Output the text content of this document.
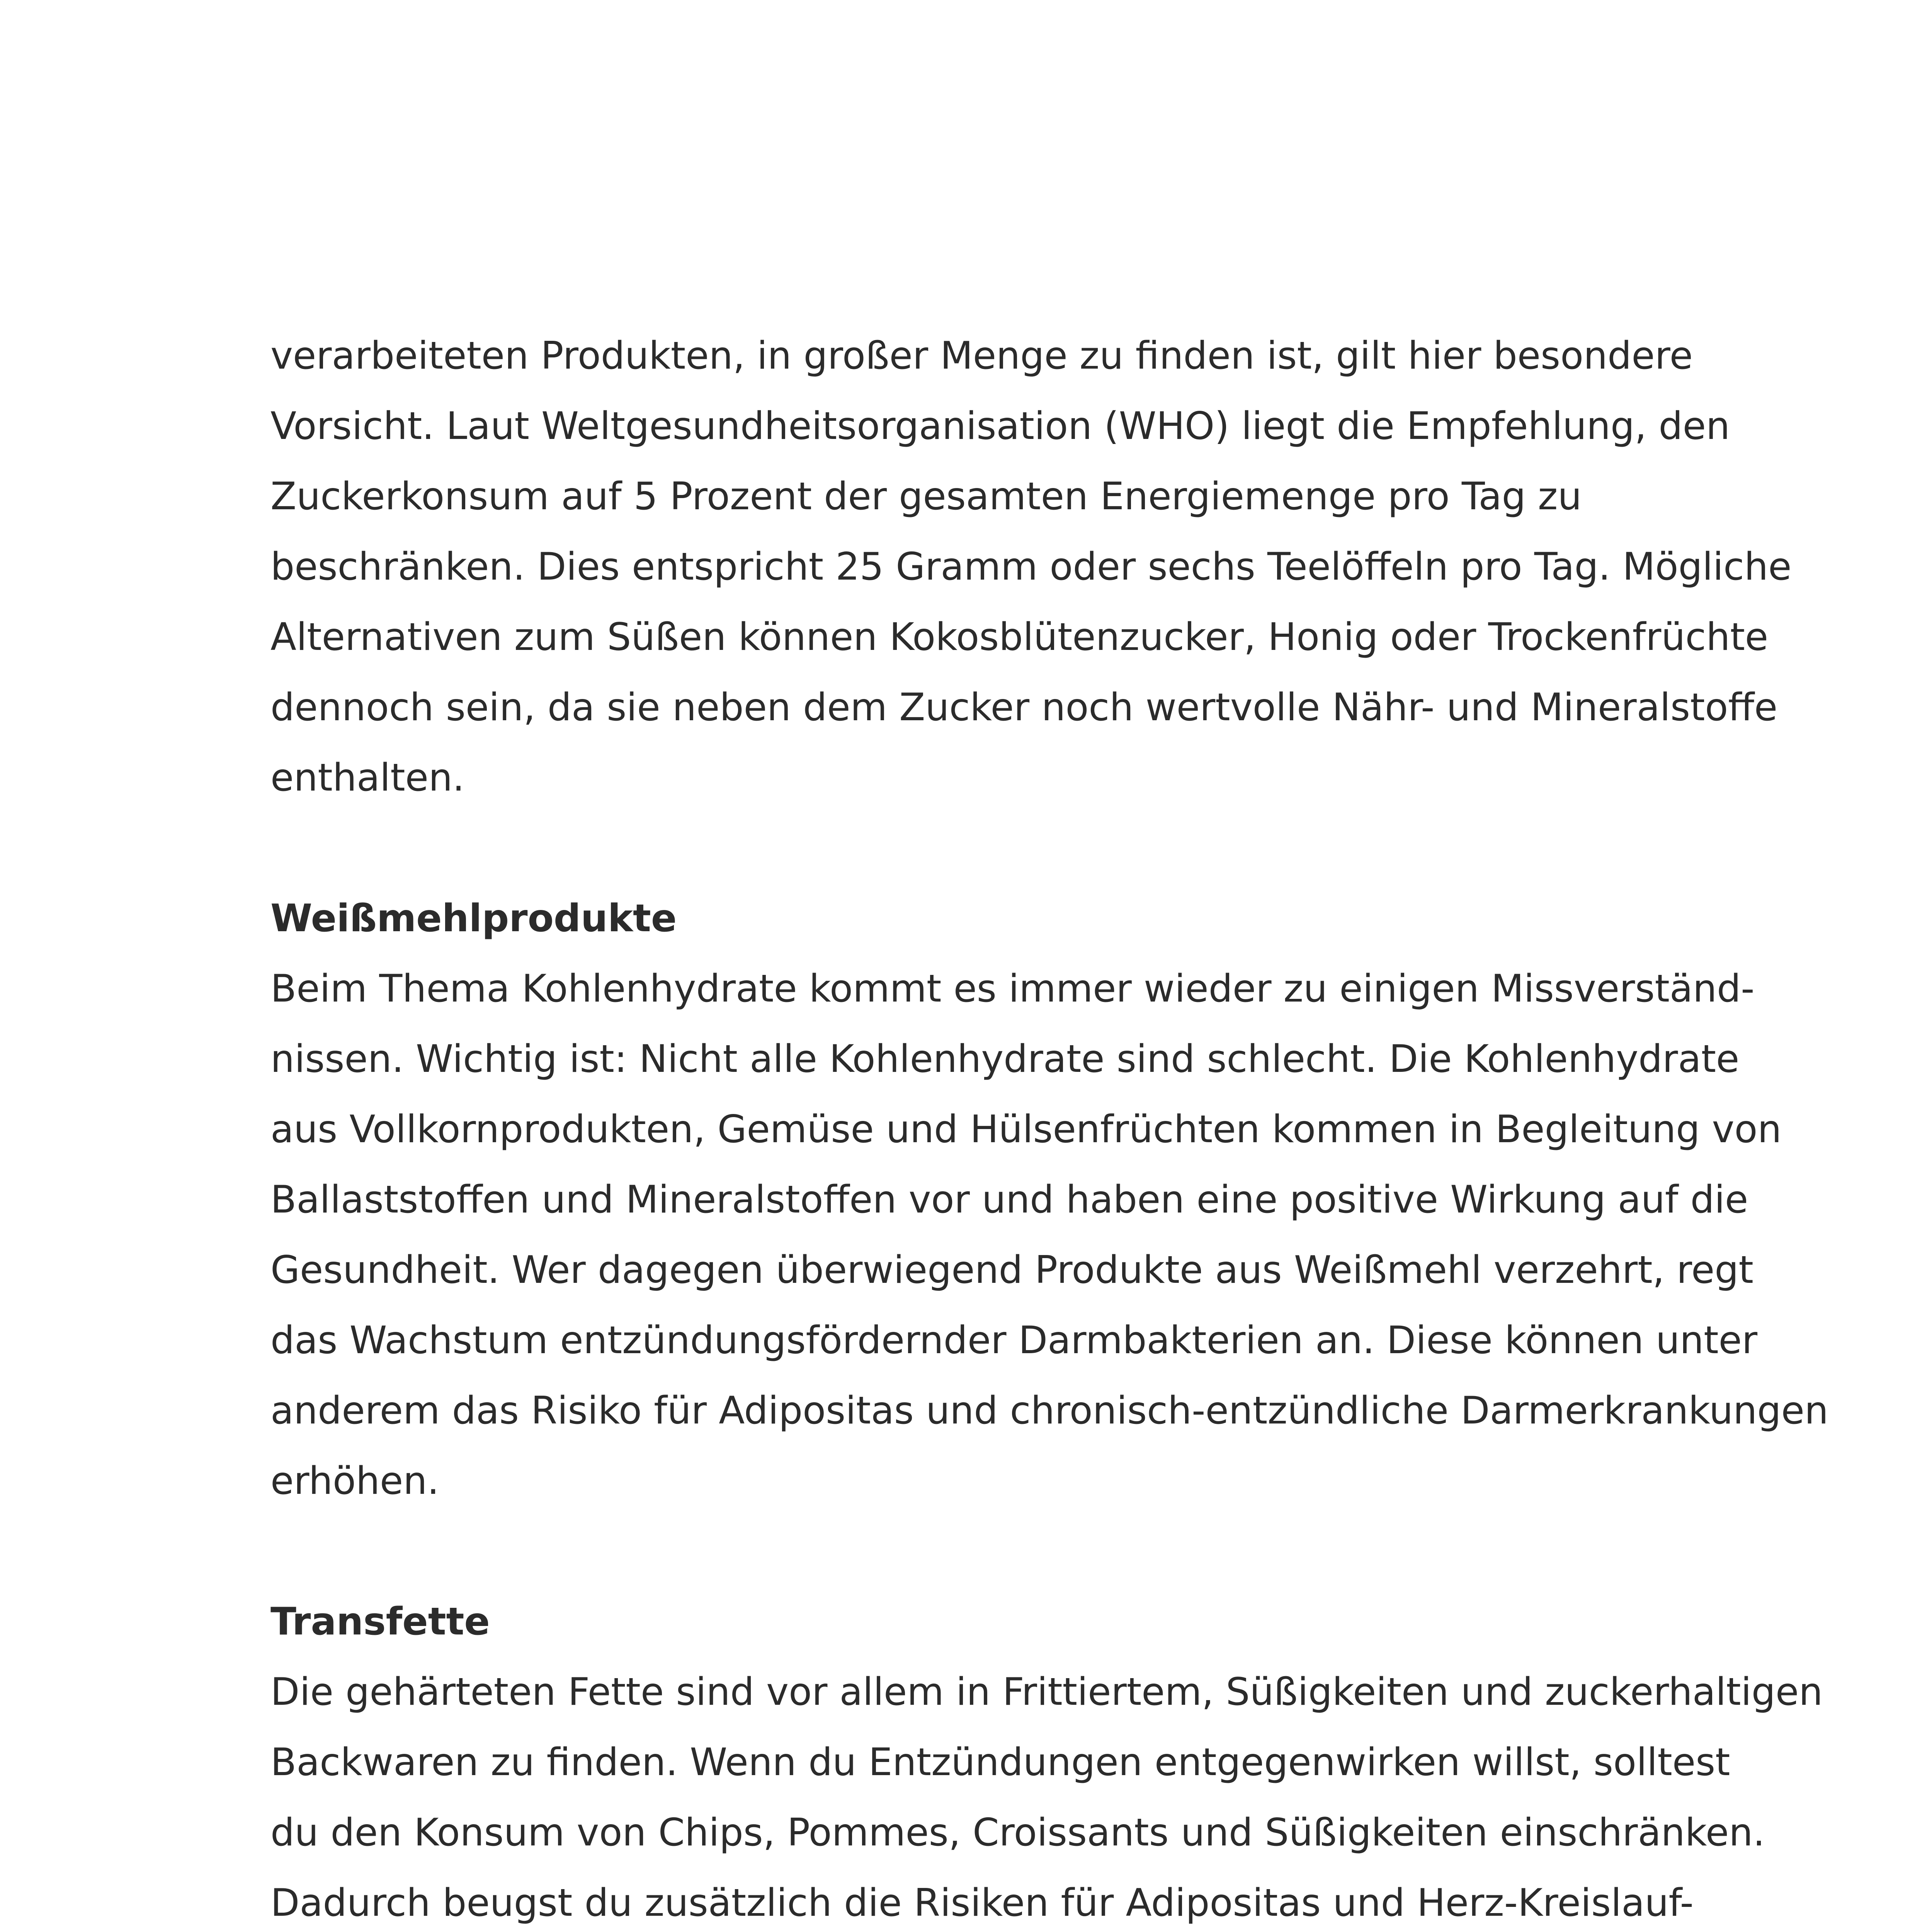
verarbeiteten Produkten, in großer Menge zu finden ist, gilt hier besondere
Vorsicht. Laut Weltgesundheitsorganisation (WHO) liegt die Empfehlung, den
Zuckerkonsum auf 5 Prozent der gesamten Energiemenge pro Tag zu
beschränken. Dies entspricht 25 Gramm oder sechs Teelöffeln pro Tag. Mögliche
Alternativen zum Süßen können Kokosblütenzucker, Honig oder Trockenfrüchte
dennoch sein, da sie neben dem Zucker noch wertvolle Nähr- und Mineralstoffe
enthalten.
Weißmehlprodukte
Beim Thema Kohlenhydrate kommt es immer wieder zu einigen Missverständ-
nissen. Wichtig ist: Nicht alle Kohlenhydrate sind schlecht. Die Kohlenhydrate
aus Vollkornprodukten, Gemüse und Hülsenfrüchten kommen in Begleitung von
Ballaststoffen und Mineralstoffen vor und haben eine positive Wirkung auf die
Gesundheit. Wer dagegen überwiegend Produkte aus Weißmehl verzehrt, regt
das Wachstum entzündungsfördernder Darmbakterien an. Diese können unter
anderem das Risiko für Adipositas und chronisch-entzündliche Darmerkrankungen
erhöhen.
Transfette
Die gehärteten Fette sind vor allem in Frittiertem, Süßigkeiten und zuckerhaltigen
Backwaren zu finden. Wenn du Entzündungen entgegenwirken willst, solltest
du den Konsum von Chips, Pommes, Croissants und Süßigkeiten einschränken.
Dadurch beugst du zusätzlich die Risiken für Adipositas und Herz-Kreislauf-
